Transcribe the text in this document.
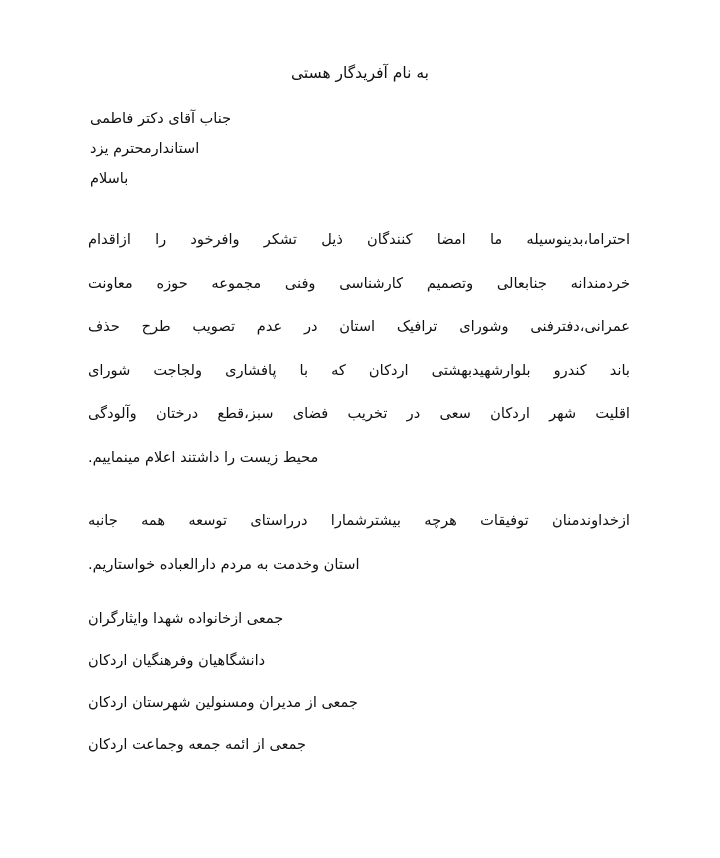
به نام آفریدگار هستی
جناب آقای دکتر فاطمی
استاندارمحترم یزد
باسلام
احتراما،بدینوسیله ما امضا کنندگان ذیل تشکر وافرخود را ازاقدام
خردمندانه جنابعالی وتصمیم کارشناسی وفنی مجموعه حوزه معاونت
عمرانی،دفترفنی وشورای ترافیک استان در عدم تصویب طرح حذف
باند کندرو بلوارشهیدبهشتی اردکان که با پافشاری ولجاجت شورای
اقلیت شهر اردکان سعی در تخریب فضای سبز،قطع درختان وآلودگی
محیط زیست را داشتند اعلام مینماییم.
ازخداوندمنان توفیقات هرچه بیشترشمارا درراستای توسعه همه جانبه
استان وخدمت به مردم دارالعباده خواستاریم.
جمعی ازخانواده شهدا وایثارگران
دانشگاهیان وفرهنگیان اردکان
جمعی از مدیران ومسنولین شهرستان اردکان
جمعی از ائمه جمعه وجماعت اردکان
